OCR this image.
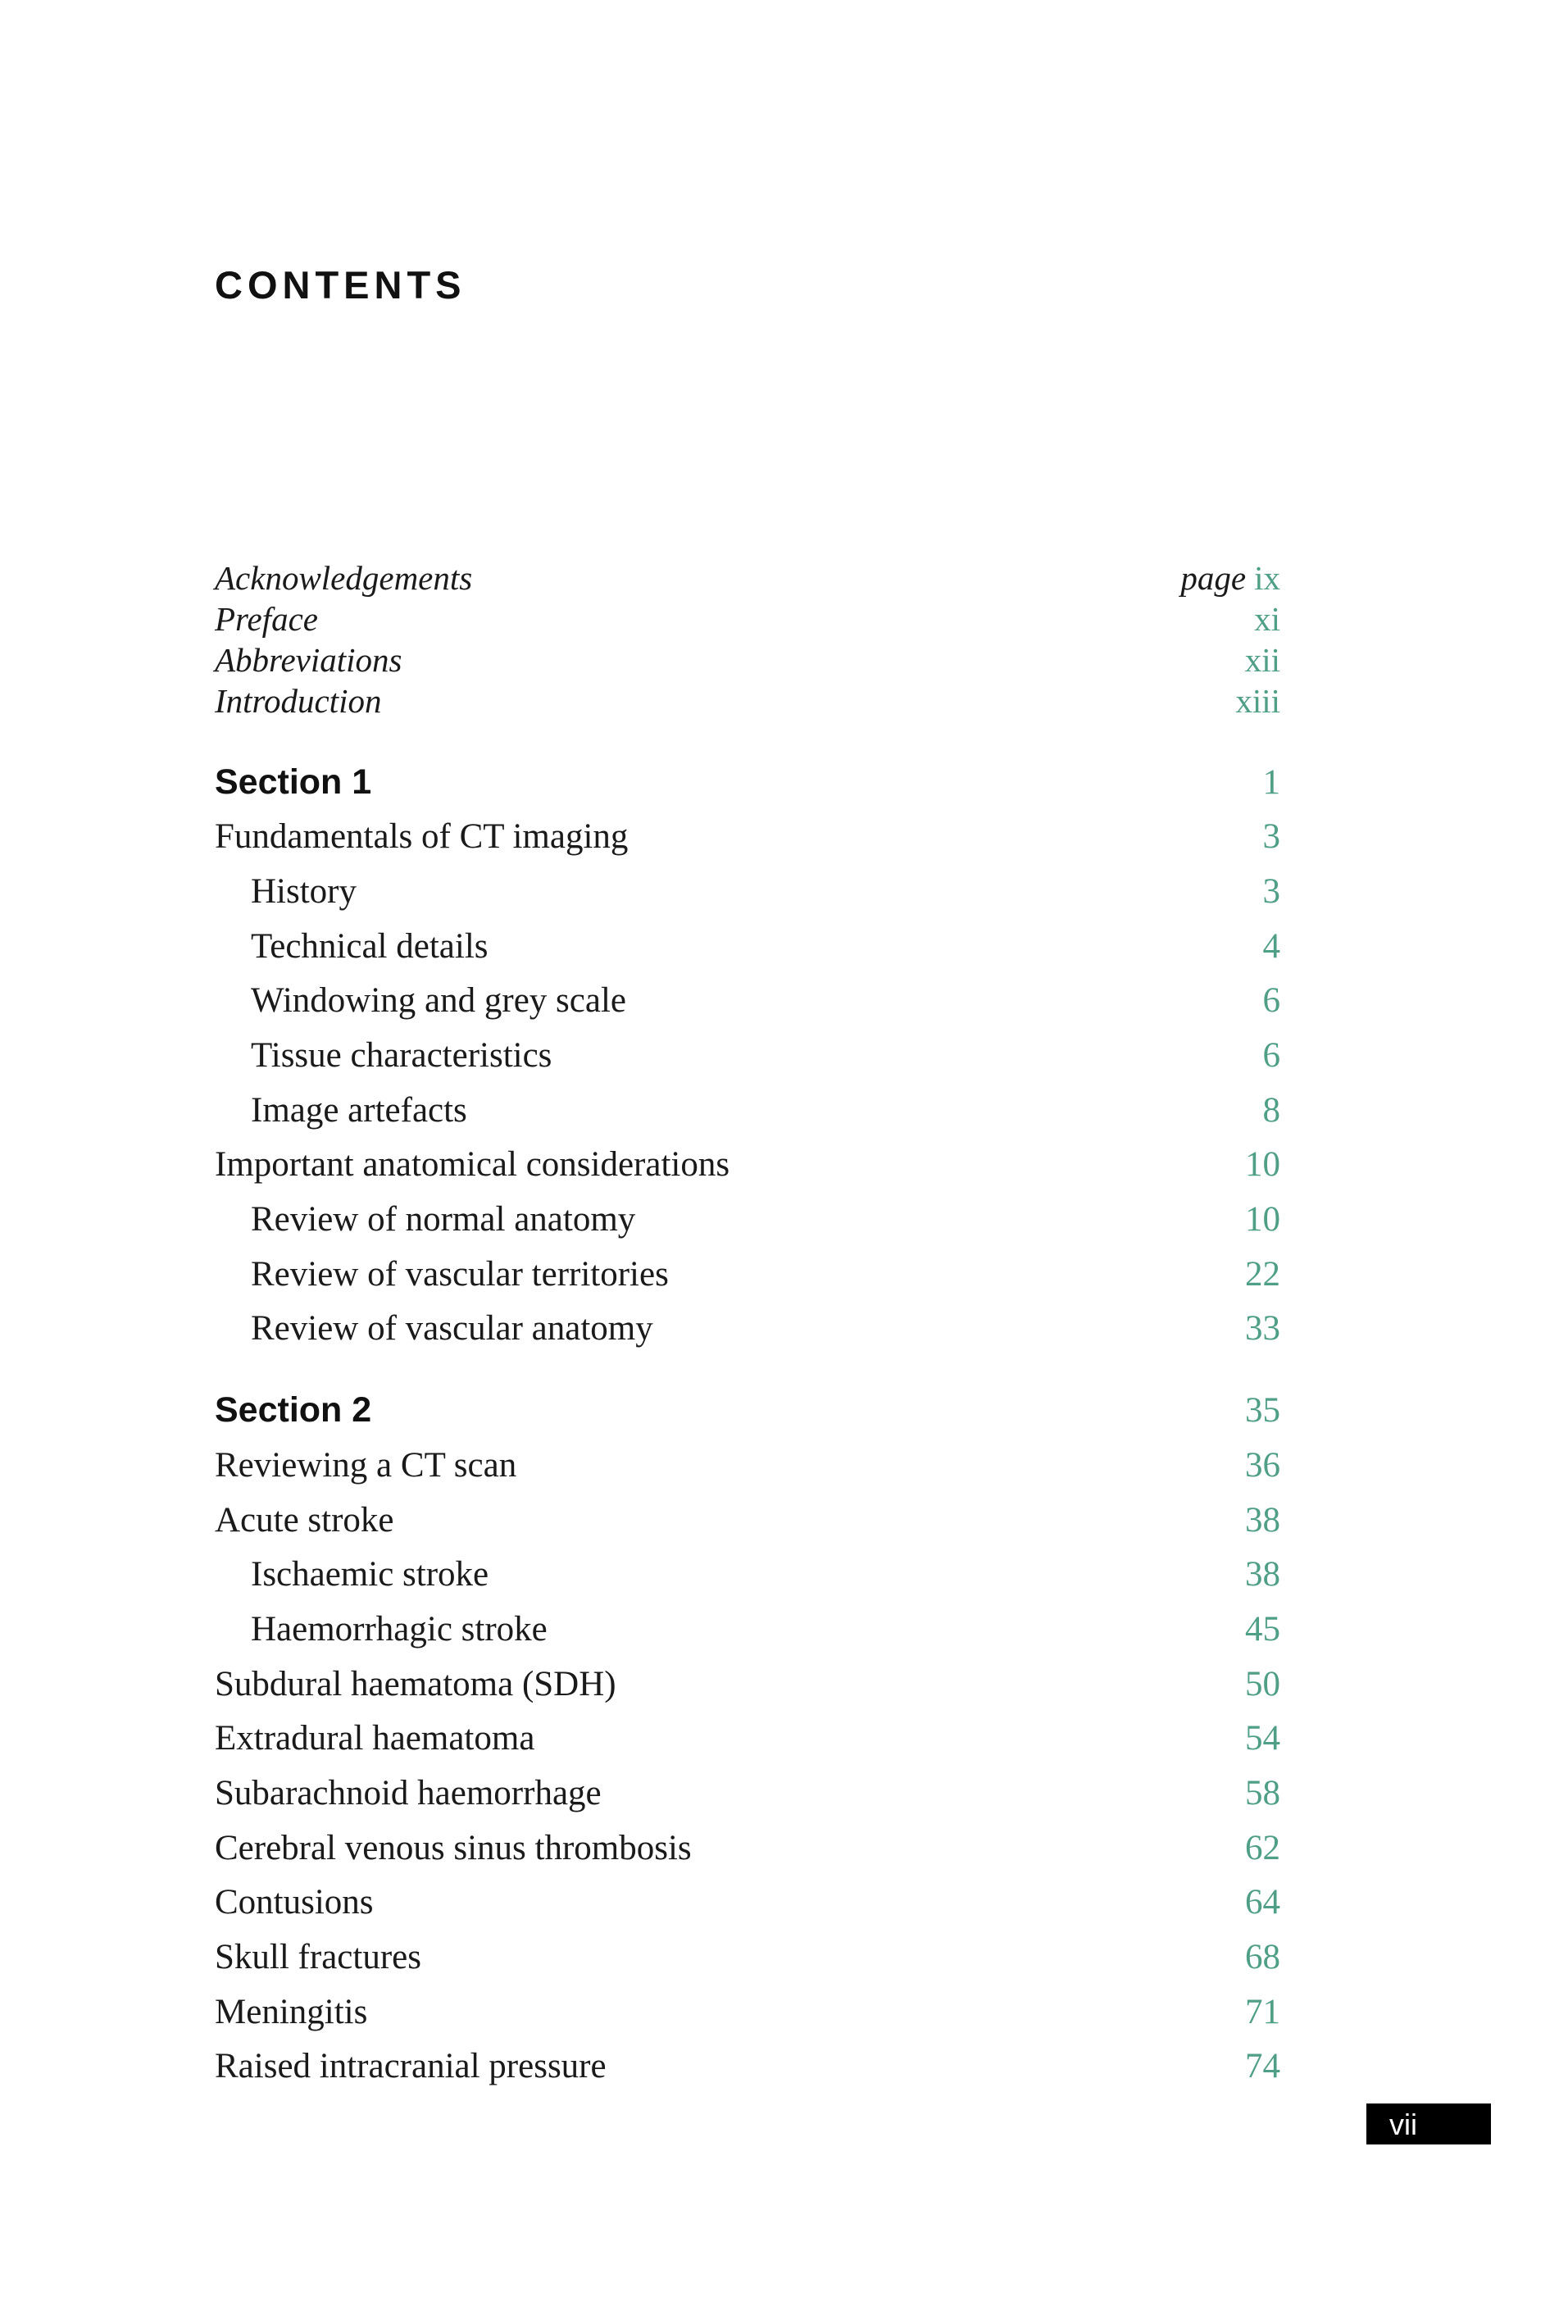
CONTENTS
Acknowledgements	page ix
Preface	xi
Abbreviations	xii
Introduction	xiii
Section 1	1
Fundamentals of CT imaging	3
History	3
Technical details	4
Windowing and grey scale	6
Tissue characteristics	6
Image artefacts	8
Important anatomical considerations	10
Review of normal anatomy	10
Review of vascular territories	22
Review of vascular anatomy	33
Section 2	35
Reviewing a CT scan	36
Acute stroke	38
Ischaemic stroke	38
Haemorrhagic stroke	45
Subdural haematoma (SDH)	50
Extradural haematoma	54
Subarachnoid haemorrhage	58
Cerebral venous sinus thrombosis	62
Contusions	64
Skull fractures	68
Meningitis	71
Raised intracranial pressure	74
vii
